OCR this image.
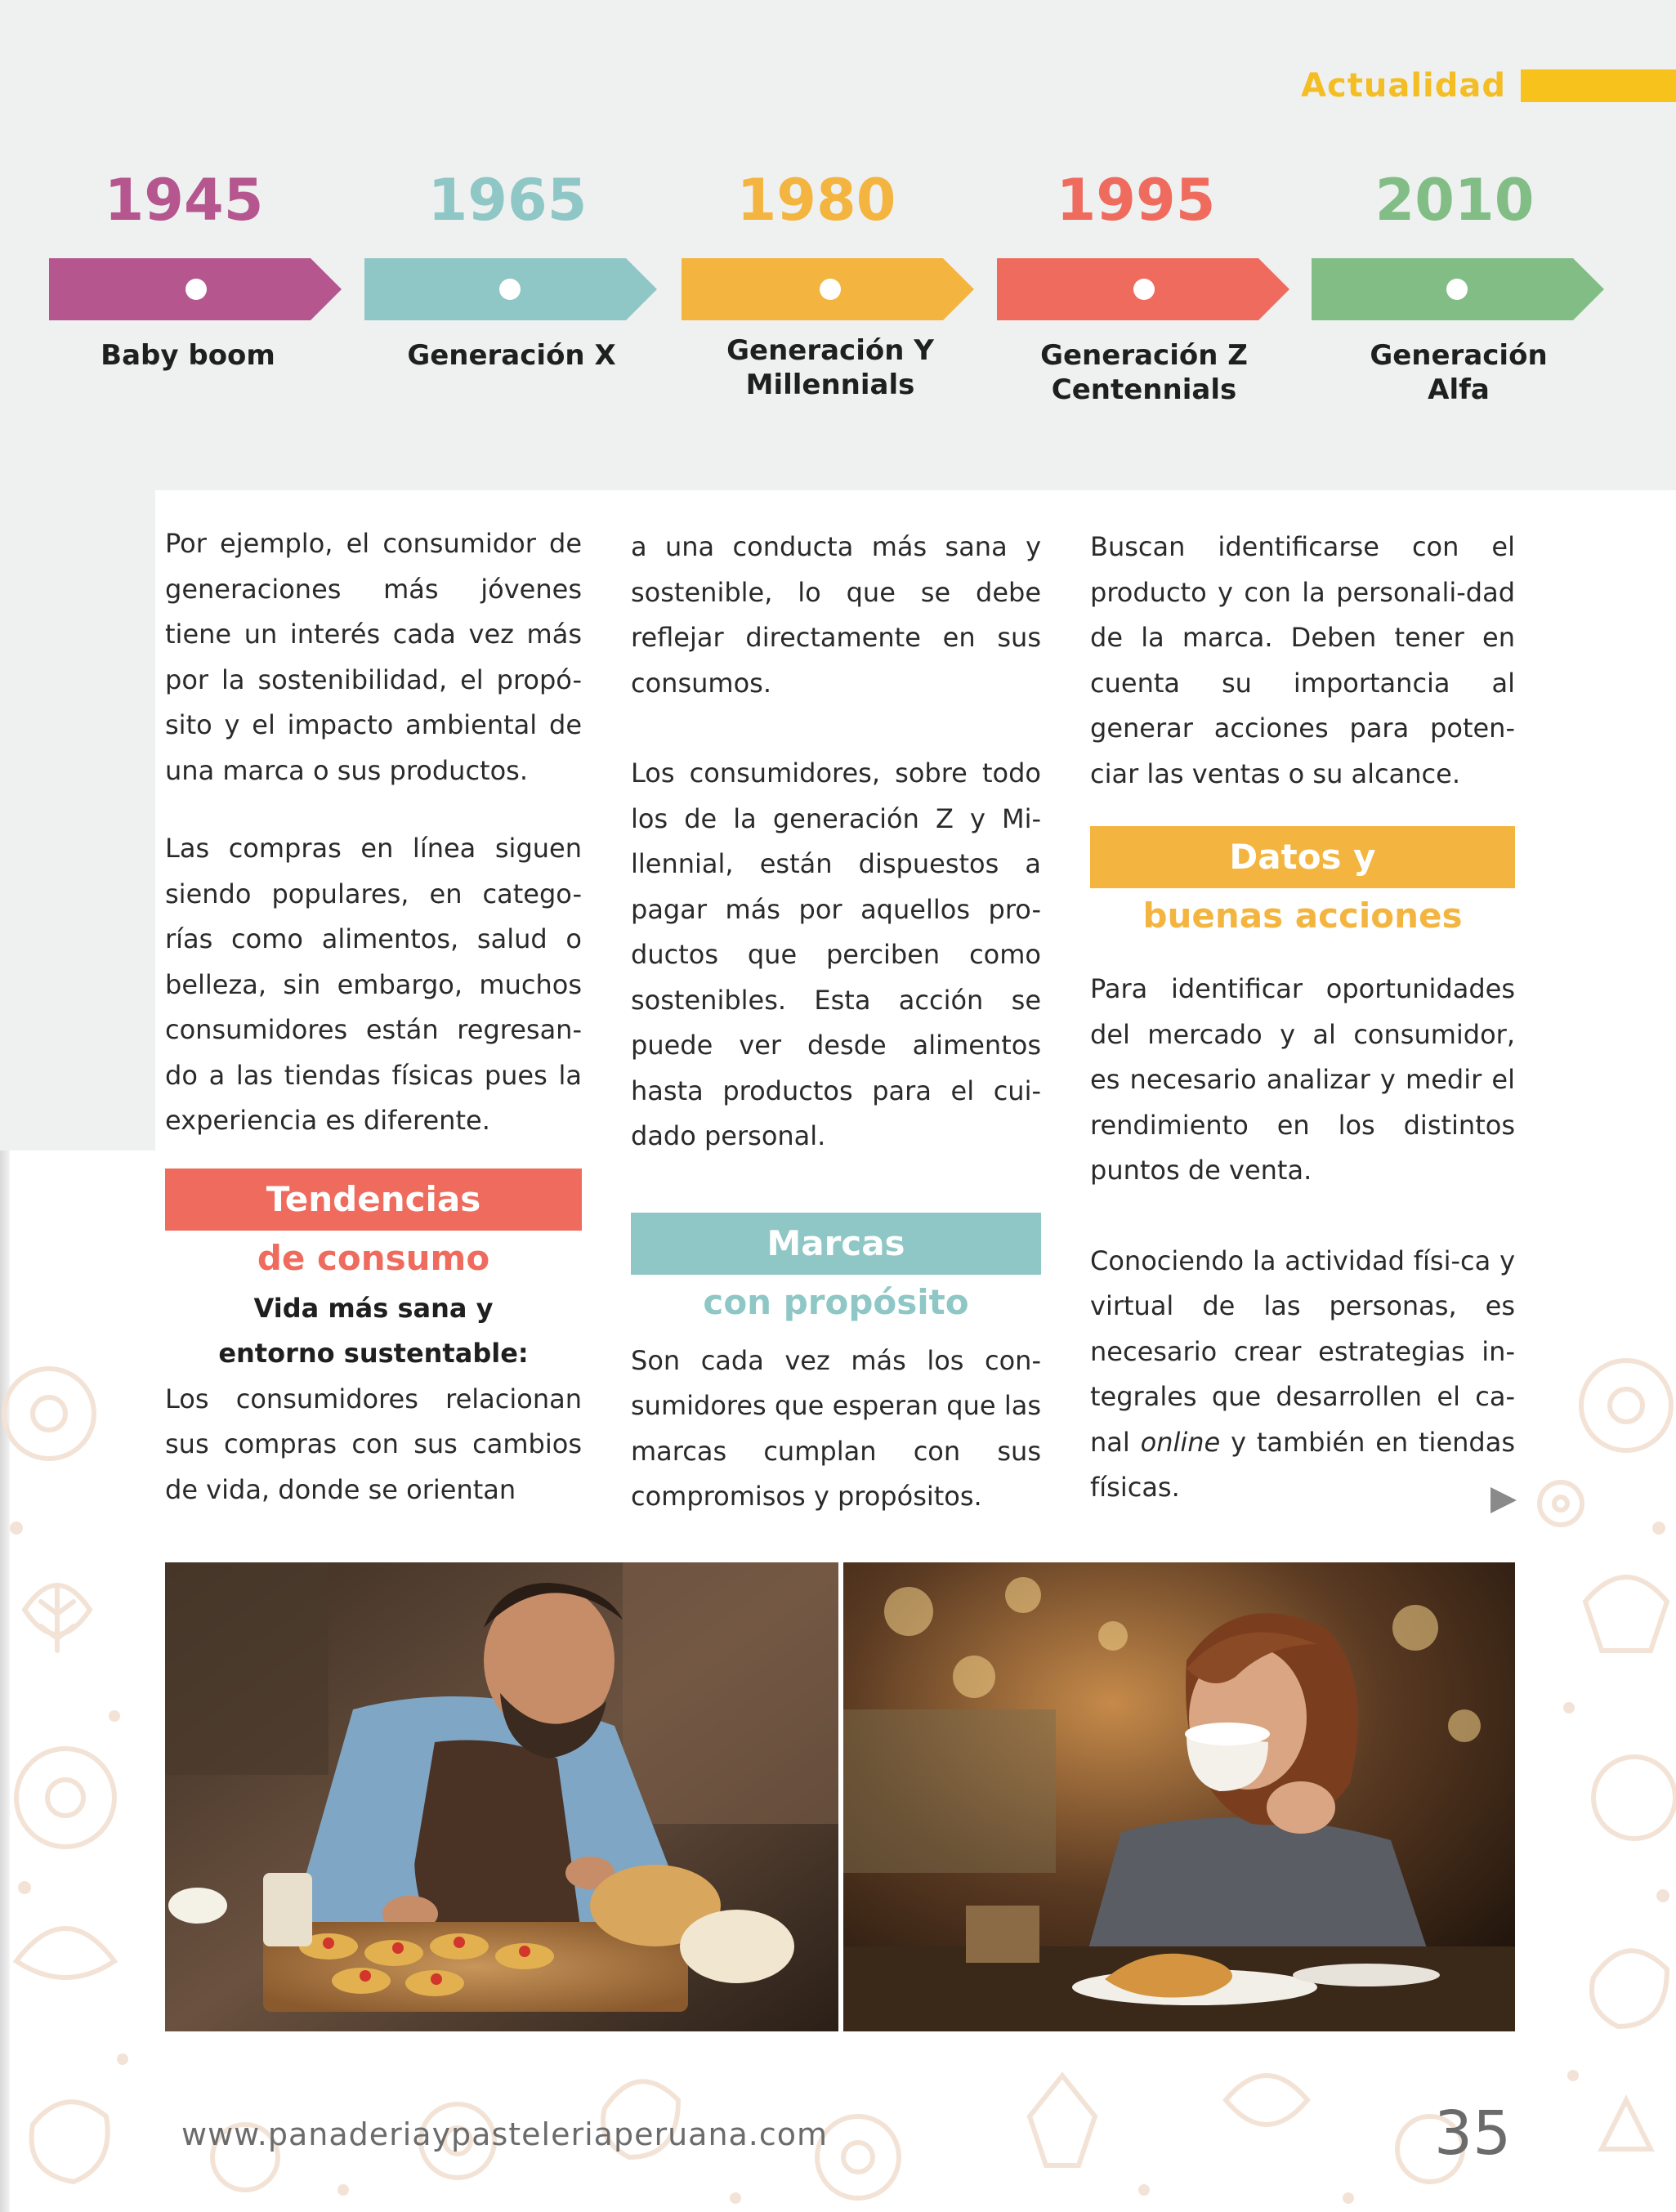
Actualidad
1945
Baby boom
1965
Generación X
1980
Generación Y
Millennials
1995
Generación Z
Centennials
2010
Generación
Alfa

Por ejemplo, el consumidor de generaciones más jóvenes tiene un interés cada vez más por la sostenibilidad, el propó-sito y el impacto ambiental de una marca o sus productos.

Las compras en línea siguen siendo populares, en catego-rías como alimentos, salud o belleza, sin embargo, muchos consumidores están regresan-do a las tiendas físicas pues la experiencia es diferente.

Tendencias
de consumo
Vida más sana y
entorno sustentable:

Los consumidores relacionan sus compras con sus cambios de vida, donde se orientan

a una conducta más sana y sostenible, lo que se debe reflejar directamente en sus consumos.

Los consumidores, sobre todo los de la generación Z y Mi-llennial, están dispuestos a pagar más por aquellos pro-ductos que perciben como sostenibles. Esta acción se puede ver desde alimentos hasta productos para el cui-dado personal.

Marcas
con propósito

Son cada vez más los con-sumidores que esperan que las marcas cumplan con sus compromisos y propósitos.

Buscan identificarse con el producto y con la personali-dad de la marca. Deben tener en cuenta su importancia al generar acciones para poten-ciar las ventas o su alcance.

Datos y
buenas acciones

Para identificar oportunidades del mercado y al consumidor, es necesario analizar y medir el rendimiento en los distintos puntos de venta.

Conociendo la actividad físi-ca y virtual de las personas, es necesario crear estrategias in-tegrales que desarrollen el ca-nal online y también en tiendas físicas.

www.panaderiaypasteleriaperuana.com	35
